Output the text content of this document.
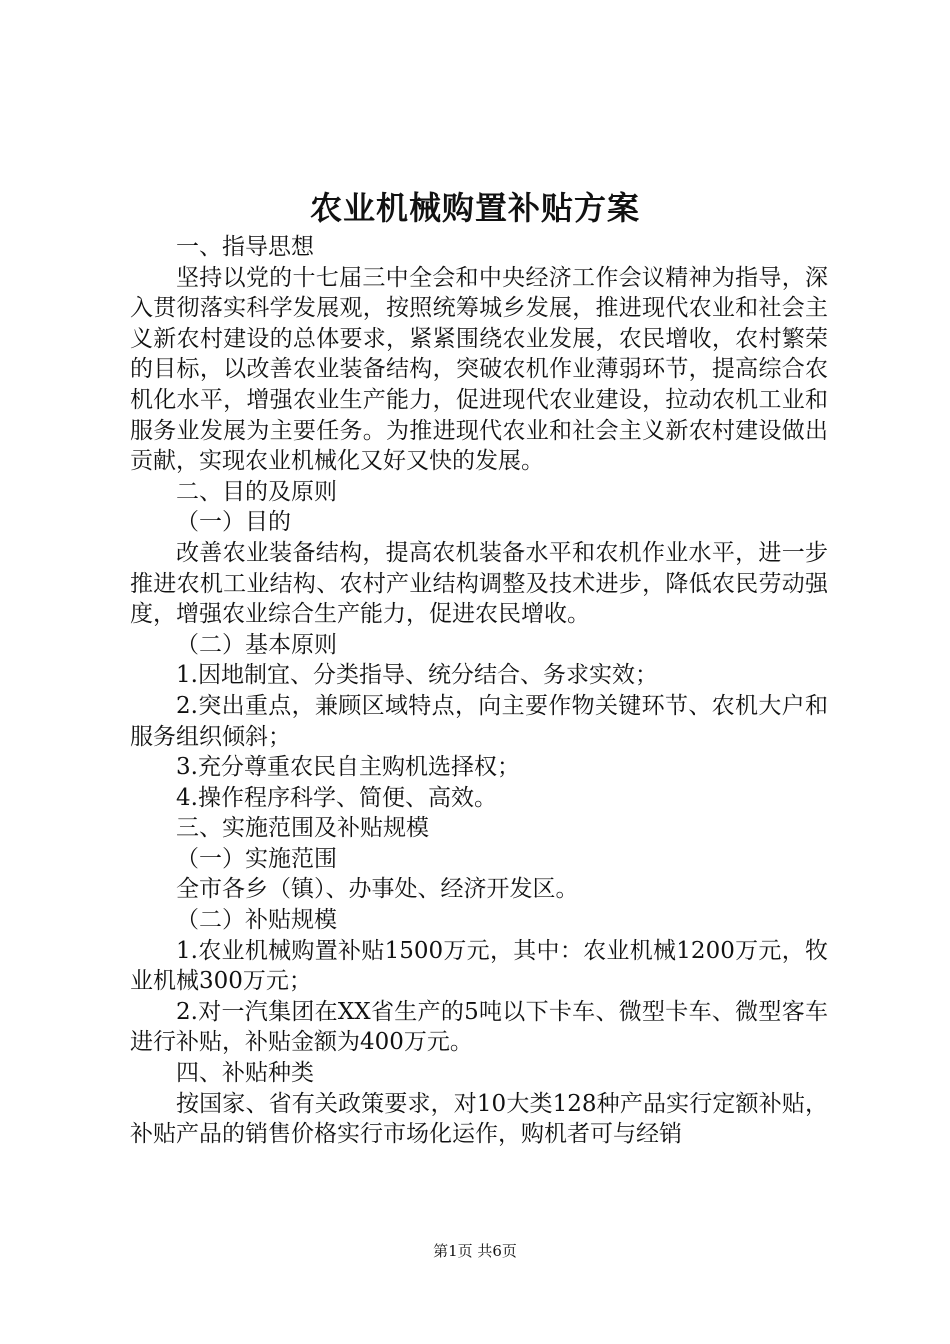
农业机械购置补贴方案

一、指导思想

坚持以党的十七届三中全会和中央经济工作会议精神为指导，深入贯彻落实科学发展观，按照统筹城乡发展，推进现代农业和社会主义新农村建设的总体要求，紧紧围绕农业发展，农民增收，农村繁荣的目标，以改善农业装备结构，突破农机作业薄弱环节，提高综合农机化水平，增强农业生产能力，促进现代农业建设，拉动农机工业和服务业发展为主要任务。为推进现代农业和社会主义新农村建设做出贡献，实现农业机械化又好又快的发展。

二、目的及原则

（一）目的

改善农业装备结构，提高农机装备水平和农机作业水平，进一步推进农机工业结构、农村产业结构调整及技术进步，降低农民劳动强度，增强农业综合生产能力，促进农民增收。

（二）基本原则

1.因地制宜、分类指导、统分结合、务求实效；

2.突出重点，兼顾区域特点，向主要作物关键环节、农机大户和服务组织倾斜；

3.充分尊重农民自主购机选择权；

4.操作程序科学、简便、高效。

三、实施范围及补贴规模

（一）实施范围

全市各乡（镇）、办事处、经济开发区。

（二）补贴规模

1.农业机械购置补贴1500万元，其中：农业机械1200万元，牧业机械300万元；

2.对一汽集团在XX省生产的5吨以下卡车、微型卡车、微型客车进行补贴，补贴金额为400万元。

四、补贴种类

按国家、省有关政策要求，对10大类128种产品实行定额补贴，补贴产品的销售价格实行市场化运作，购机者可与经销

第1页 共6页
